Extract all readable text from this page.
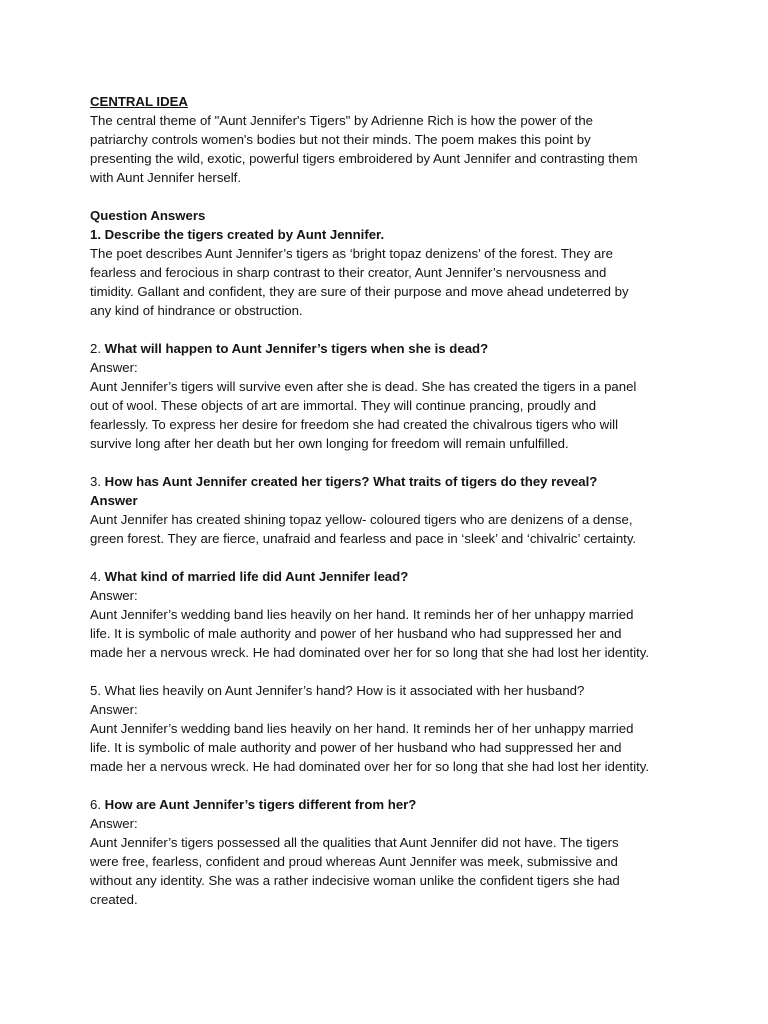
CENTRAL IDEA

The central theme of "Aunt Jennifer's Tigers" by Adrienne Rich is how the power of the

patriarchy controls women's bodies but not their minds. The poem makes this point by

presenting the wild, exotic, powerful tigers embroidered by Aunt Jennifer and contrasting them

with Aunt Jennifer herself.

Question Answers

1. Describe the tigers created by Aunt Jennifer.

The poet describes Aunt Jennifer’s tigers as ‘bright topaz denizens’ of the forest. They are

fearless and ferocious in sharp contrast to their creator, Aunt Jennifer’s nervousness and

timidity. Gallant and confident, they are sure of their purpose and move ahead undeterred by

any kind of hindrance or obstruction.

2. What will happen to Aunt Jennifer’s tigers when she is dead?

Answer:

Aunt Jennifer’s tigers will survive even after she is dead. She has created the tigers in a panel

out of wool. These objects of art are immortal. They will continue prancing, proudly and

fearlessly. To express her desire for freedom she had created the chivalrous tigers who will

survive long after her death but her own longing for freedom will remain unfulfilled.

3. How has Aunt Jennifer created her tigers? What traits of tigers do they reveal?

Answer

Aunt Jennifer has created shining topaz yellow- coloured tigers who are denizens of a dense,

green forest. They are fierce, unafraid and fearless and pace in ‘sleek’ and ‘chivalric’ certainty.

4. What kind of married life did Aunt Jennifer lead?

Answer:

Aunt Jennifer’s wedding band lies heavily on her hand. It reminds her of her unhappy married

life. It is symbolic of male authority and power of her husband who had suppressed her and

made her a nervous wreck. He had dominated over her for so long that she had lost her identity.

5. What lies heavily on Aunt Jennifer’s hand? How is it associated with her husband?

Answer:

Aunt Jennifer’s wedding band lies heavily on her hand. It reminds her of her unhappy married

life. It is symbolic of male authority and power of her husband who had suppressed her and

made her a nervous wreck. He had dominated over her for so long that she had lost her identity.

6. How are Aunt Jennifer’s tigers different from her?

Answer:

Aunt Jennifer’s tigers possessed all the qualities that Aunt Jennifer did not have. The tigers

were free, fearless, confident and proud whereas Aunt Jennifer was meek, submissive and

without any identity. She was a rather indecisive woman unlike the confident tigers she had

created.
